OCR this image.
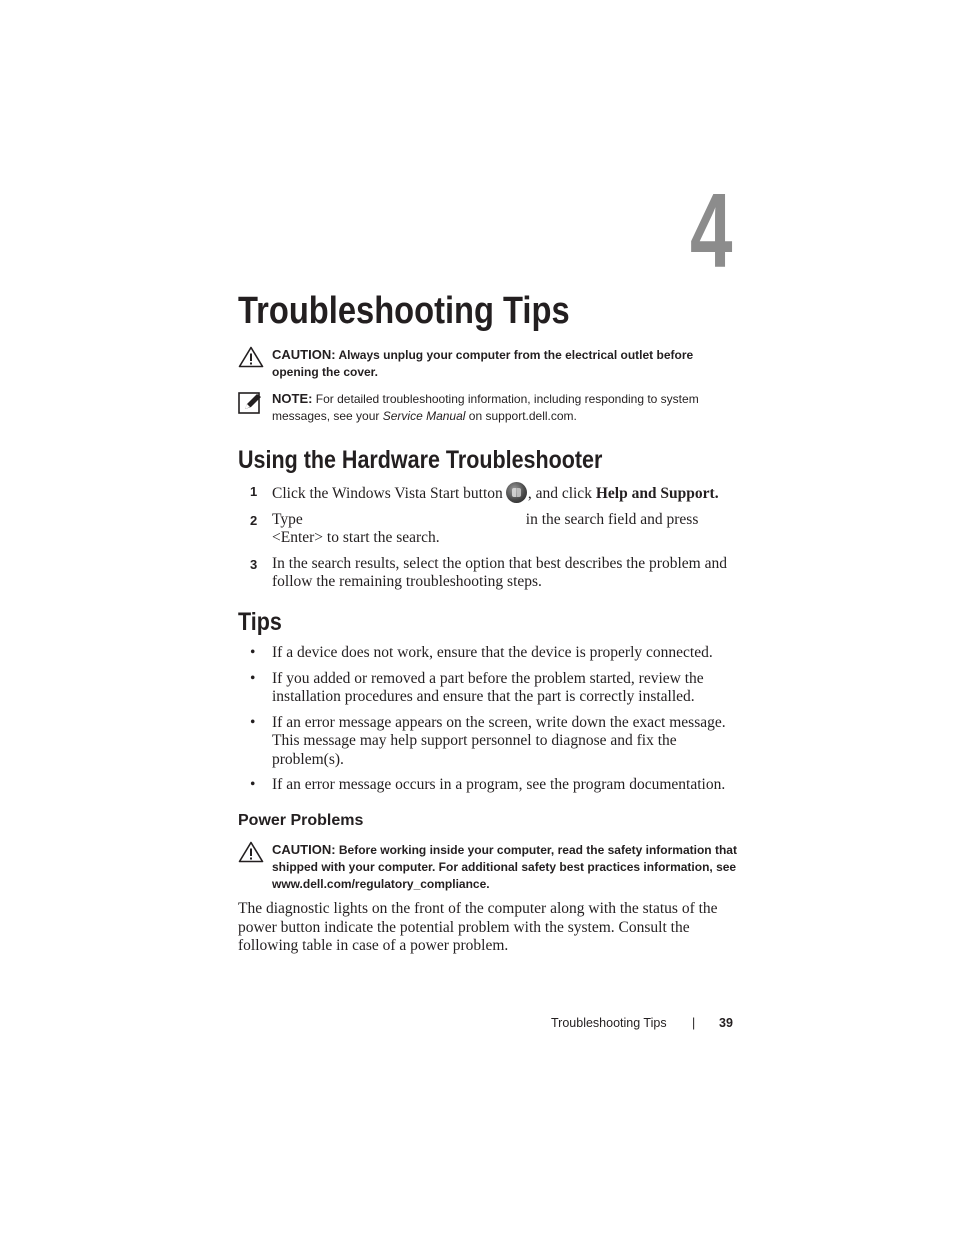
4
Troubleshooting Tips
CAUTION: Always unplug your computer from the electrical outlet before opening the cover.
NOTE: For detailed troubleshooting information, including responding to system messages, see your Service Manual on support.dell.com.
Using the Hardware Troubleshooter
1 Click the Windows Vista Start button , and click Help and Support.
2 Type	in the search field and press <Enter> to start the search.
3 In the search results, select the option that best describes the problem and follow the remaining troubleshooting steps.
Tips
• If a device does not work, ensure that the device is properly connected.
• If you added or removed a part before the problem started, review the installation procedures and ensure that the part is correctly installed.
• If an error message appears on the screen, write down the exact message. This message may help support personnel to diagnose and fix the problem(s).
• If an error message occurs in a program, see the program documentation.
Power Problems
CAUTION: Before working inside your computer, read the safety information that shipped with your computer. For additional safety best practices information, see www.dell.com/regulatory_compliance.
The diagnostic lights on the front of the computer along with the status of the power button indicate the potential problem with the system. Consult the following table in case of a power problem.
Troubleshooting Tips | 39
